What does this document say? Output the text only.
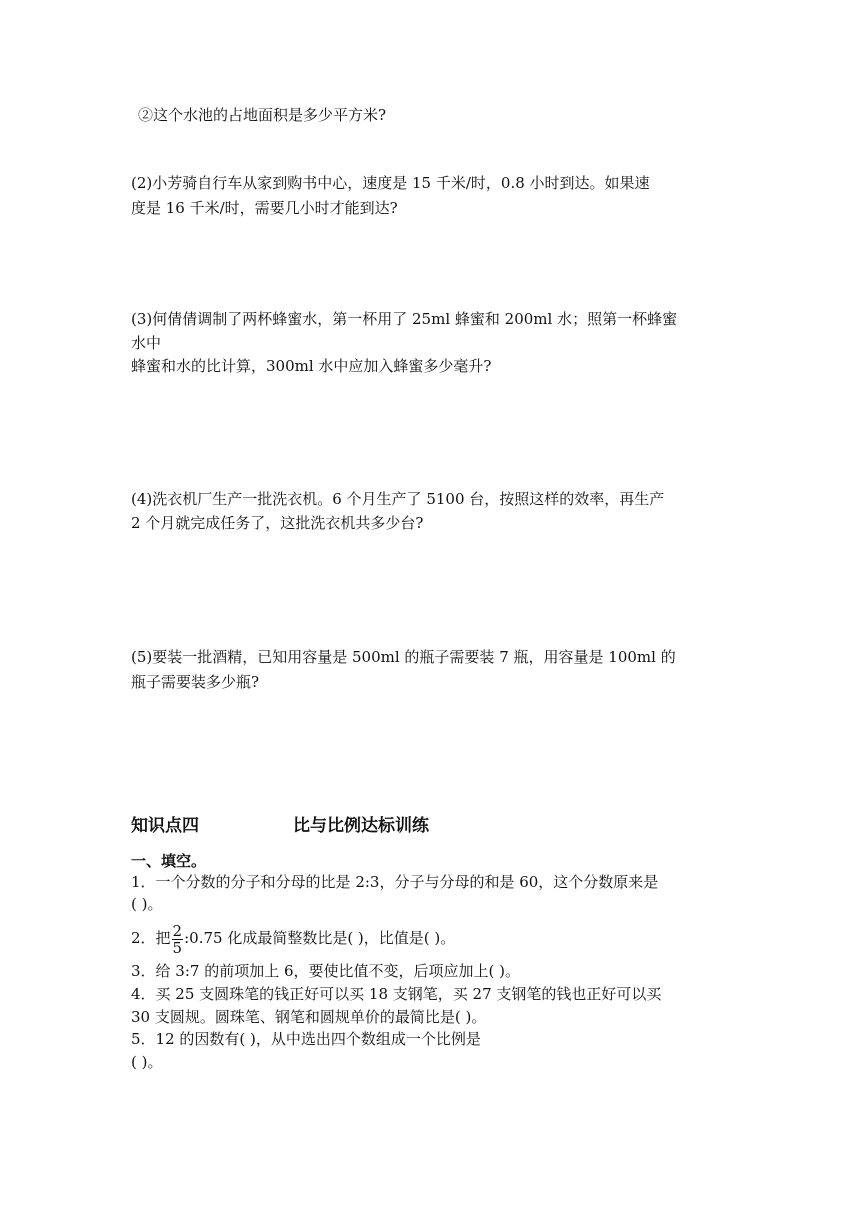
②这个水池的占地面积是多少平方米?
(2)小芳骑自行车从家到购书中心，速度是 15 千米/时，0.8 小时到达。如果速
度是 16 千米/时，需要几小时才能到达?
(3)何倩倩调制了两杯蜂蜜水，第一杯用了 25ml 蜂蜜和 200ml 水；照第一杯蜂蜜
水中
蜂蜜和水的比计算，300ml 水中应加入蜂蜜多少毫升?
(4)洗衣机厂生产一批洗衣机。6 个月生产了 5100 台，按照这样的效率，再生产
2 个月就完成任务了，这批洗衣机共多少台?
(5)要装一批酒精，已知用容量是 500ml 的瓶子需要装 7 瓶，用容量是 100ml 的
瓶子需要装多少瓶?
知识点四	比与比例达标训练
一、填空。
1．一个分数的分子和分母的比是 2:3，分子与分母的和是 60，这个分数原来是
( )。
2．把 $\frac{2}{5}$ :0.75 化成最简整数比是( )，比值是( )。
3．给 3:7 的前项加上 6，要使比值不变，后项应加上( )。
4．买 25 支圆珠笔的钱正好可以买 18 支钢笔，买 27 支钢笔的钱也正好可以买
30 支圆规。圆珠笔、钢笔和圆规单价的最简比是( )。
5．12 的因数有( )，从中选出四个数组成一个比例是
( )。
